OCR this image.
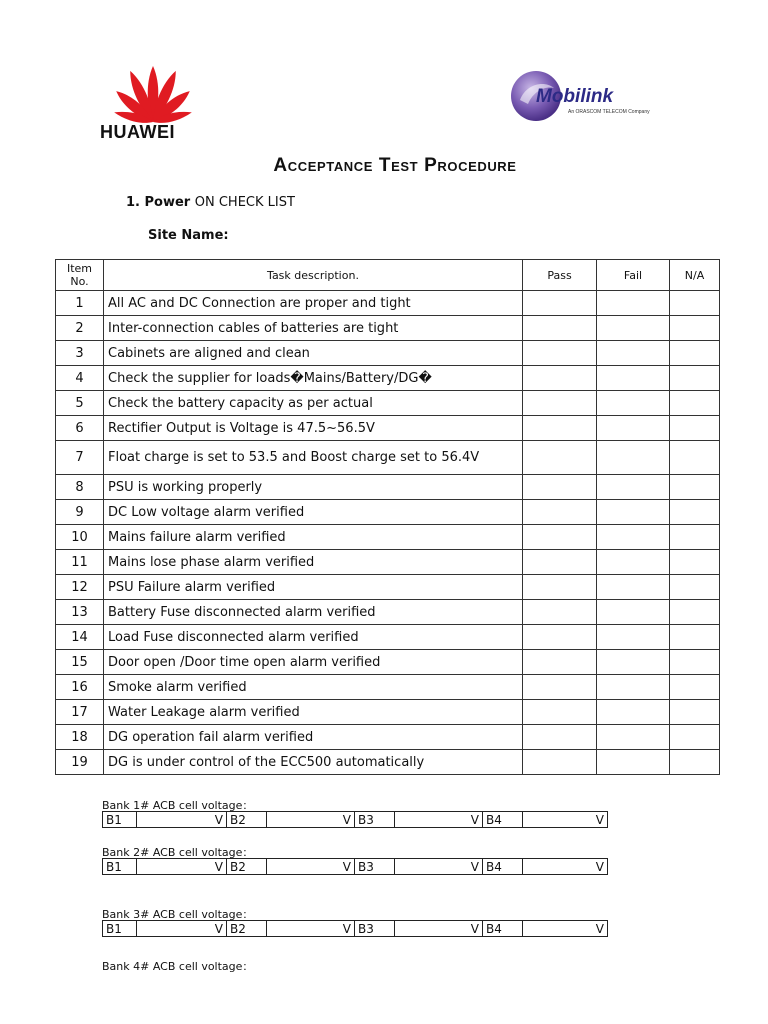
HUAWEI
Mobilink
An ORASCOM TELECOM Company
Acceptance Test Procedure
1. Power ON CHECK LIST
Site Name:
Item
No.	Task description.	Pass	Fail	N/A
1	All AC and DC Connection are proper and tight			
2	Inter-connection cables of batteries are tight			
3	Cabinets are aligned and clean			
4	Check the supplier for loads�Mains/Battery/DG�			
5	Check the battery capacity as per actual			
6	Rectifier Output is Voltage is 47.5~56.5V			
7	Float charge is set to 53.5 and Boost charge set to 56.4V			
8	PSU is working properly			
9	DC Low voltage alarm verified			
10	Mains failure alarm verified			
11	Mains lose phase alarm verified			
12	PSU Failure alarm verified			
13	Battery Fuse disconnected alarm verified			
14	Load Fuse disconnected alarm verified			
15	Door open /Door time open alarm verified			
16	Smoke alarm verified			
17	Water Leakage alarm verified			
18	DG operation fail alarm verified			
19	DG is under control of the ECC500 automatically			
Bank 1# ACB cell voltage：
B1	V	B2	V	B3	V	B4	V
Bank 2# ACB cell voltage：
B1	V	B2	V	B3	V	B4	V
Bank 3# ACB cell voltage：
B1	V	B2	V	B3	V	B4	V
Bank 4# ACB cell voltage：
